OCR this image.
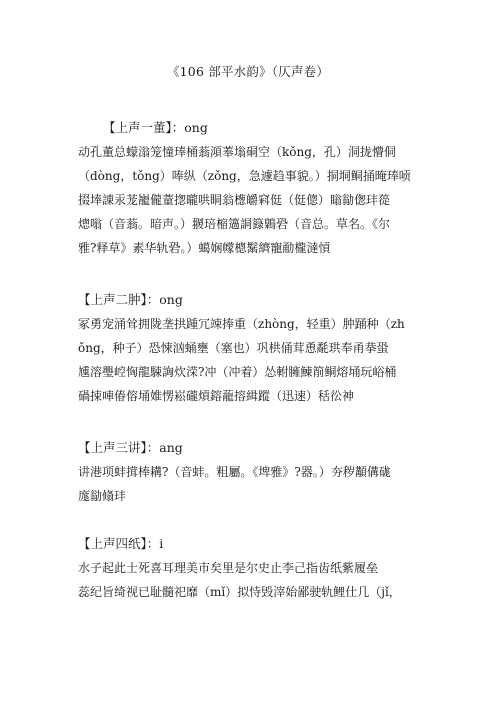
《106 部平水韵》（仄声卷）
【上声一董】：ong
动孔董总蠓滃笼憧琫桶蓊澒菶塕硐空（kǒng，孔）洞拢懵侗
（dòng，tǒng）唪纵（zǒng，急遽趋事貌。）挏垌鲖捅晻琫唝
掇埲諌汞茏巃儱蕫揔曨哄眮翁檧皭窲侹（侹傯）瞈勜偬玤蓯
熜嗡（音蓊。暗声。）翪琣樎簻詷籙鷍䂬（音总。草名。《尔
雅?释草》素华轨䂬。）䗶娴幪樬鬗纃寵勈櫳澾愩
【上声二肿】：ong
冢勇宠涌耸拥陇垄拱踵冗竦捧重（zhòng，轻重）肿踊种（zh
ǒng，种子）恐悚汹蛹壅（塞也）巩栱俑茸恿氄珙奉甬拲蛩
尰溶璺崆恟龍駷詾炊溁?冲（冲着）怂軵臃鯟箾鲖熔埇玩峪桶
碢捒唓偆傛埇婎愣崧礲熕鎔蘢搈緝蹤（迅速）秳彸神
【上声三讲】：ang
讲港项蚌搑棒耩?（音蚌。粗屬。《埤雅》?器。）夯秽顜傋硥
庬勜翛玤
【上声四纸】：i
水子起此士死喜耳理美市矣里是尔史止李己指齿纸紫履垒
蕊纪旨绮视已耻髓祀靡（mǐ）拟恃毁滓始鄙驶轨鲤仕几（jǐ，
